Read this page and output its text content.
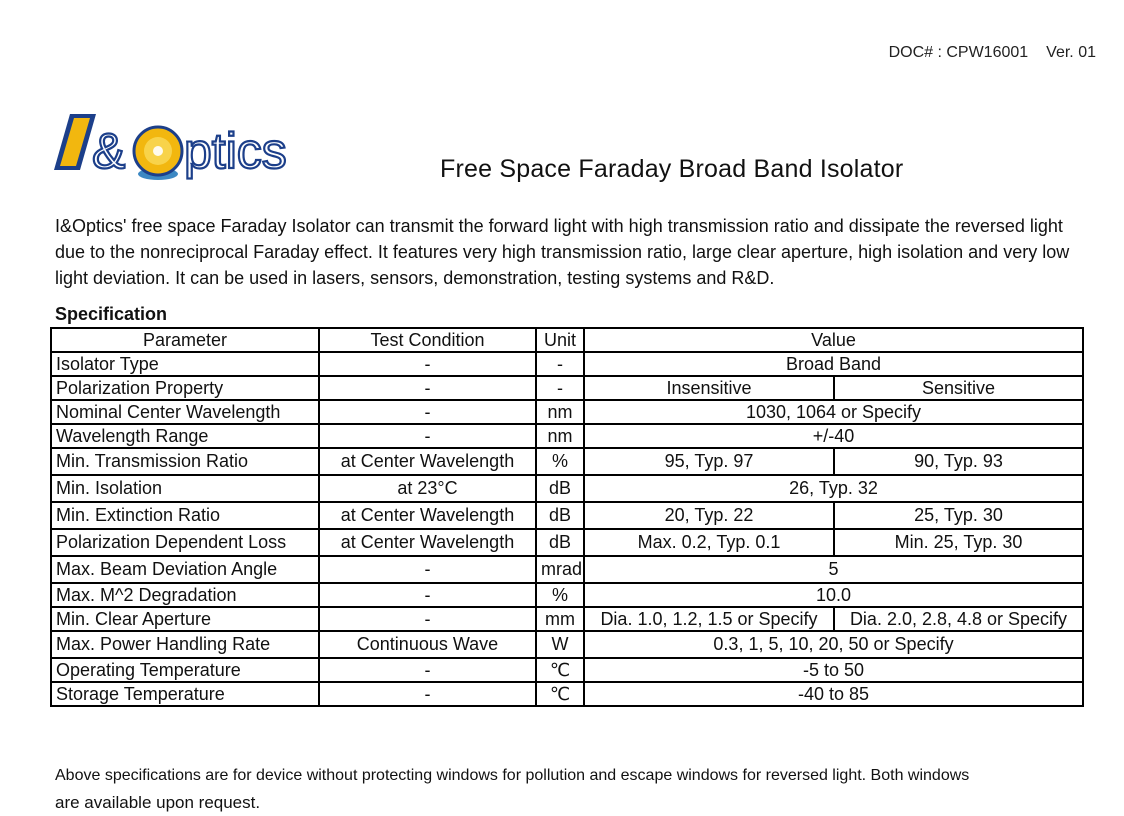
DOC# : CPW16001 Ver. 01
& ptics	Free Space Faraday Broad Band Isolator
I&Optics' free space Faraday Isolator can transmit the forward light with high transmission ratio and dissipate the reversed light due to the nonreciprocal Faraday effect. It features very high transmission ratio, large clear aperture, high isolation and very low light deviation. It can be used in lasers, sensors, demonstration, testing systems and R&D.
Specification
Parameter	Test Condition	Unit	Value	
Isolator Type	-	-	Broad Band	
Polarization Property	-	-	Insensitive	Sensitive
Nominal Center Wavelength	-	nm	1030, 1064 or Specify	
Wavelength Range	-	nm	+/-40	
Min. Transmission Ratio	at Center Wavelength	%	95, Typ. 97	90, Typ. 93
Min. Isolation	at 23°C	dB	26, Typ. 32	
Min. Extinction Ratio	at Center Wavelength	dB	20, Typ. 22	25, Typ. 30
Polarization Dependent Loss	at Center Wavelength	dB	Max. 0.2, Typ. 0.1	Min. 25, Typ. 30
Max. Beam Deviation Angle	-	mrad	5	
Max. M^2 Degradation	-	%	10.0	
Min. Clear Aperture	-	mm	Dia. 1.0, 1.2, 1.5 or Specify	Dia. 2.0, 2.8, 4.8 or Specify
Max. Power Handling Rate	Continuous Wave	W	0.3, 1, 5, 10, 20, 50 or Specify	
Operating Temperature	-	℃	-5 to 50	
Storage Temperature	-	℃	-40 to 85	
Above specifications are for device without protecting windows for pollution and escape windows for reversed light. Both windows
are available upon request.
